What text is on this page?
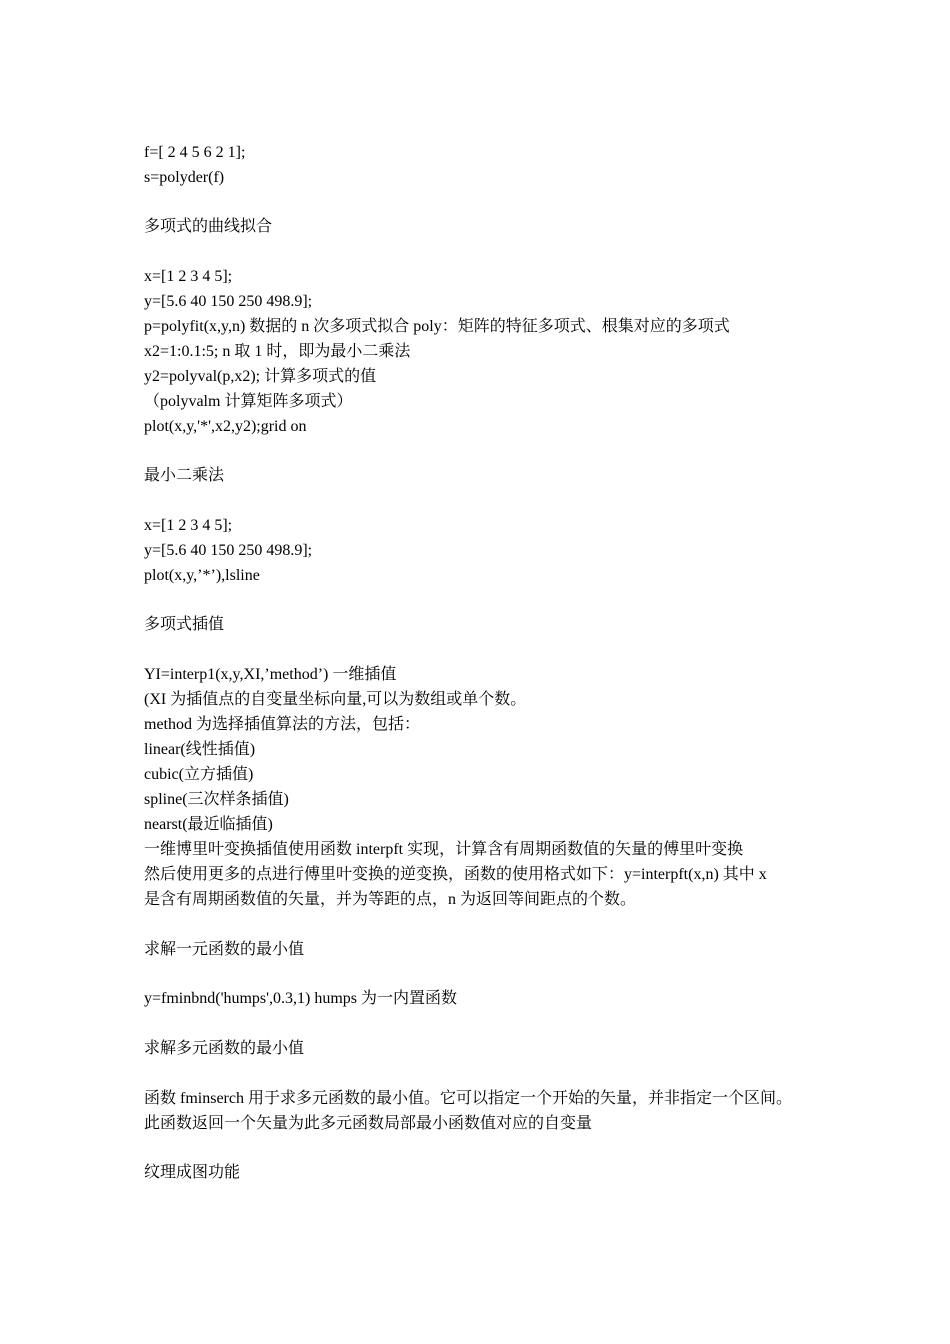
f=[ 2 4 5 6 2 1];
s=polyder(f)
多项式的曲线拟合
x=[1 2 3 4 5];
y=[5.6 40 150 250 498.9];
p=polyfit(x,y,n) 数据的 n 次多项式拟合 poly：矩阵的特征多项式、根集对应的多项式
x2=1:0.1:5; n 取 1 时，即为最小二乘法
y2=polyval(p,x2); 计算多项式的值
（polyvalm 计算矩阵多项式）
plot(x,y,'*',x2,y2);grid on
最小二乘法
x=[1 2 3 4 5];
y=[5.6 40 150 250 498.9];
plot(x,y,’*’),lsline
多项式插值
YI=interp1(x,y,XI,’method’) 一维插值
(XI 为插值点的自变量坐标向量,可以为数组或单个数。
method 为选择插值算法的方法，包括：
linear(线性插值)
cubic(立方插值)
spline(三次样条插值)
nearst(最近临插值)
一维博里叶变换插值使用函数 interpft 实现，计算含有周期函数值的矢量的傅里叶变换
然后使用更多的点进行傅里叶变换的逆变换，函数的使用格式如下：y=interpft(x,n) 其中 x
是含有周期函数值的矢量，并为等距的点，n 为返回等间距点的个数。
求解一元函数的最小值
y=fminbnd('humps',0.3,1) humps 为一内置函数
求解多元函数的最小值
函数 fminserch 用于求多元函数的最小值。它可以指定一个开始的矢量，并非指定一个区间。
此函数返回一个矢量为此多元函数局部最小函数值对应的自变量
纹理成图功能
